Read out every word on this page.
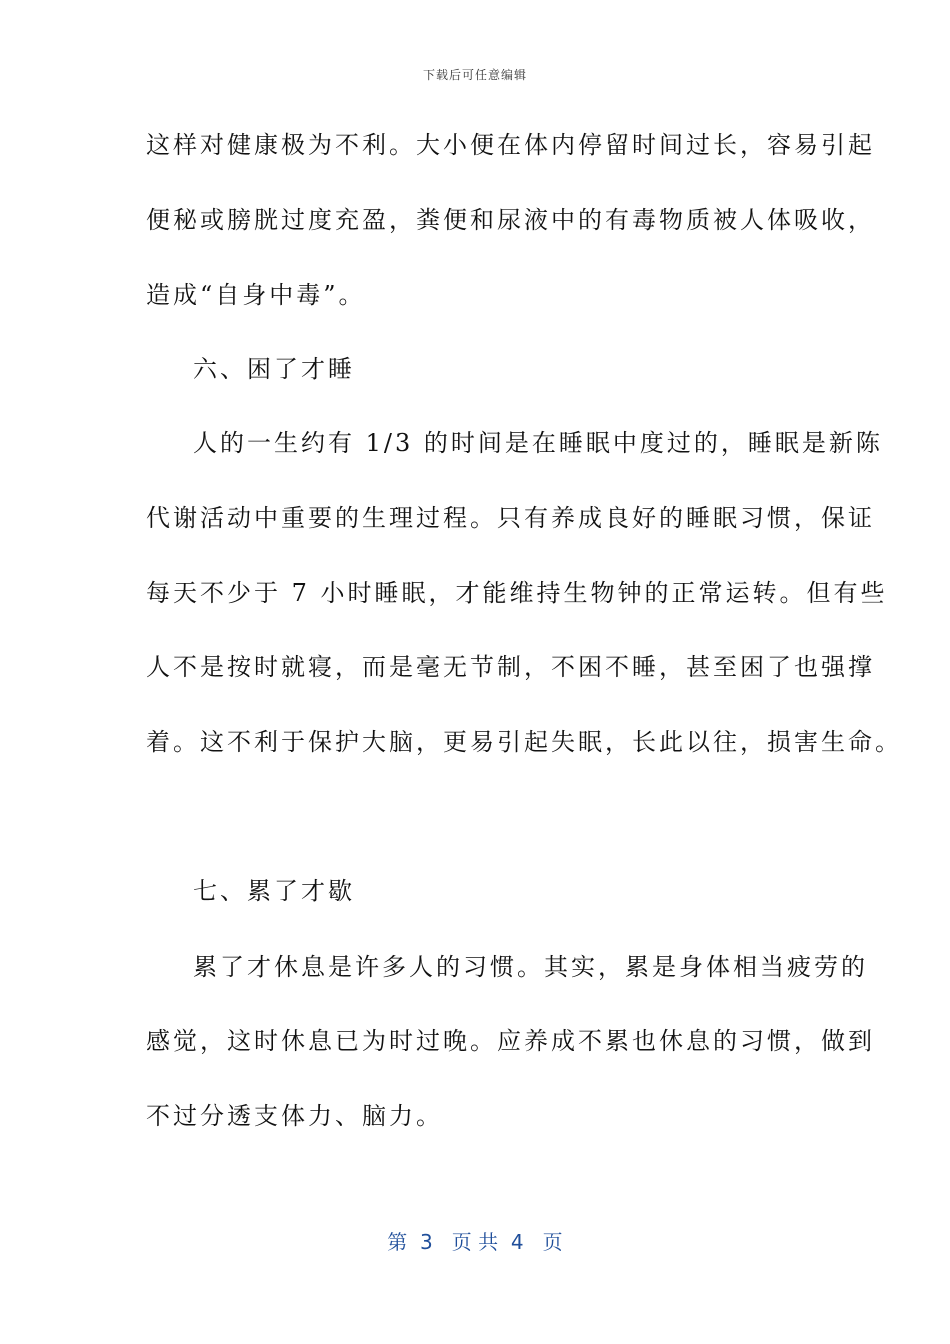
下载后可任意编辑
这样对健康极为不利。大小便在体内停留时间过长，容易引起
便秘或膀胱过度充盈，粪便和尿液中的有毒物质被人体吸收，
造成“自身中毒”。
六、困了才睡
人的一生约有 1/3 的时间是在睡眠中度过的，睡眠是新陈
代谢活动中重要的生理过程。只有养成良好的睡眠习惯，保证
每天不少于 7 小时睡眠，才能维持生物钟的正常运转。但有些
人不是按时就寝，而是毫无节制，不困不睡，甚至困了也强撑
着。这不利于保护大脑，更易引起失眠，长此以往，损害生命。
七、累了才歇
累了才休息是许多人的习惯。其实，累是身体相当疲劳的
感觉，这时休息已为时过晚。应养成不累也休息的习惯，做到
不过分透支体力、脑力。
第  3   页 共  4   页
